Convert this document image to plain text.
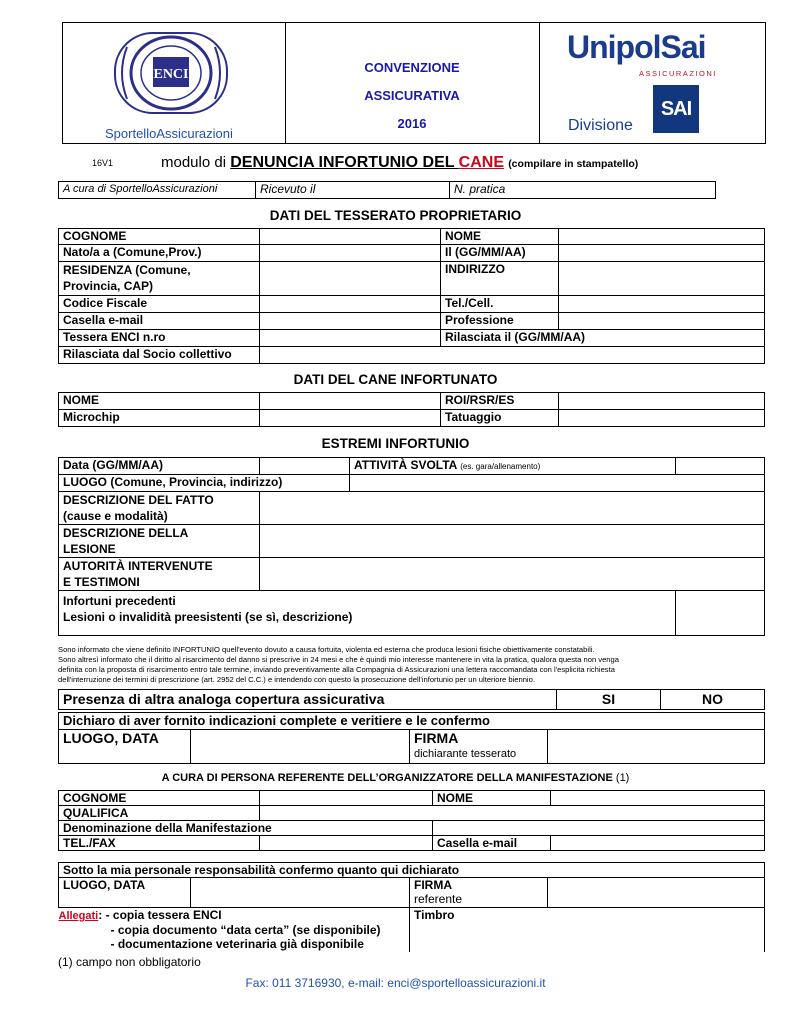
ENCI
SportelloAssicurazioni
CONVENZIONE
ASSICURATIVA
2016
UnipolSai
ASSICURAZIONI
Divisione
SAI
16V1	modulo di DENUNCIA INFORTUNIO DEL CANE (compilare in stampatello)
A cura di SportelloAssicurazioni	Ricevuto il	N. pratica
DATI DEL TESSERATO PROPRIETARIO
COGNOME		NOME	
Nato/a a (Comune,Prov.)		Il (GG/MM/AA)	

RESIDENZA (Comune,
Provincia, CAP)		INDIRIZZO	
Codice Fiscale		Tel./Cell.	
Casella e-mail		Professione	
Tessera ENCI n.ro		Rilasciata il (GG/MM/AA)	
Rilasciata dal Socio collettivo			
DATI DEL CANE INFORTUNATO
NOME		ROI/RSR/ES	
Microchip		Tatuaggio	
ESTREMI INFORTUNIO
Data (GG/MM/AA)		ATTIVITÀ SVOLTA (es. gara/allenamento)	
LUOGO (Comune, Provincia, indirizzo)			

DESCRIZIONE DEL FATTO
(cause e modalità)			

DESCRIZIONE DELLA
LESIONE			

AUTORITÀ INTERVENUTE
E TESTIMONI			

Infortuni precedenti
Lesioni o invalidità preesistenti (se sì, descrizione)			

Sono informato che viene definito INFORTUNIO quell'evento dovuto a causa fortuita, violenta ed esterna che produca lesioni fisiche obiettivamente constatabili.
Sono altresì informato che il diritto al risarcimento del danno si prescrive in 24 mesi e che è quindi mio interesse mantenere in vita la pratica, qualora questa non venga
definita con la proposta di risarcimento entro tale termine, inviando preventivamente alla Compagnia di Assicurazioni una lettera raccomandata con l'esplicita richiesta
dell'interruzione dei termini di prescrizione (art. 2952 del C.C.) e intendendo con questo la prosecuzione dell'infortunio per un ulteriore biennio.
Presenza di altra analoga copertura assicurativa	SI	NO
Dichiaro di aver fornito indicazioni complete e veritiere e le confermo
LUOGO, DATA		FIRMA
dichiarante tesserato

A CURA DI PERSONA REFERENTE DELL’ORGANIZZATORE DELLA MANIFESTAZIONE (1)
COGNOME		NOME	
QUALIFICA			
Denominazione della Manifestazione			
TEL./FAX		Casella e-mail	
Sotto la mia personale responsabilità confermo quanto qui dichiarato			
LUOGO, DATA		FIRMA
referente	

Allegati: - copia tessera ENCI
- copia documento “data certa” (se disponibile)
- documentazione veterinaria già disponibile		Timbro	
(1) campo non obbligatorio
Fax: 011 3716930, e-mail: enci@sportelloassicurazioni.it
